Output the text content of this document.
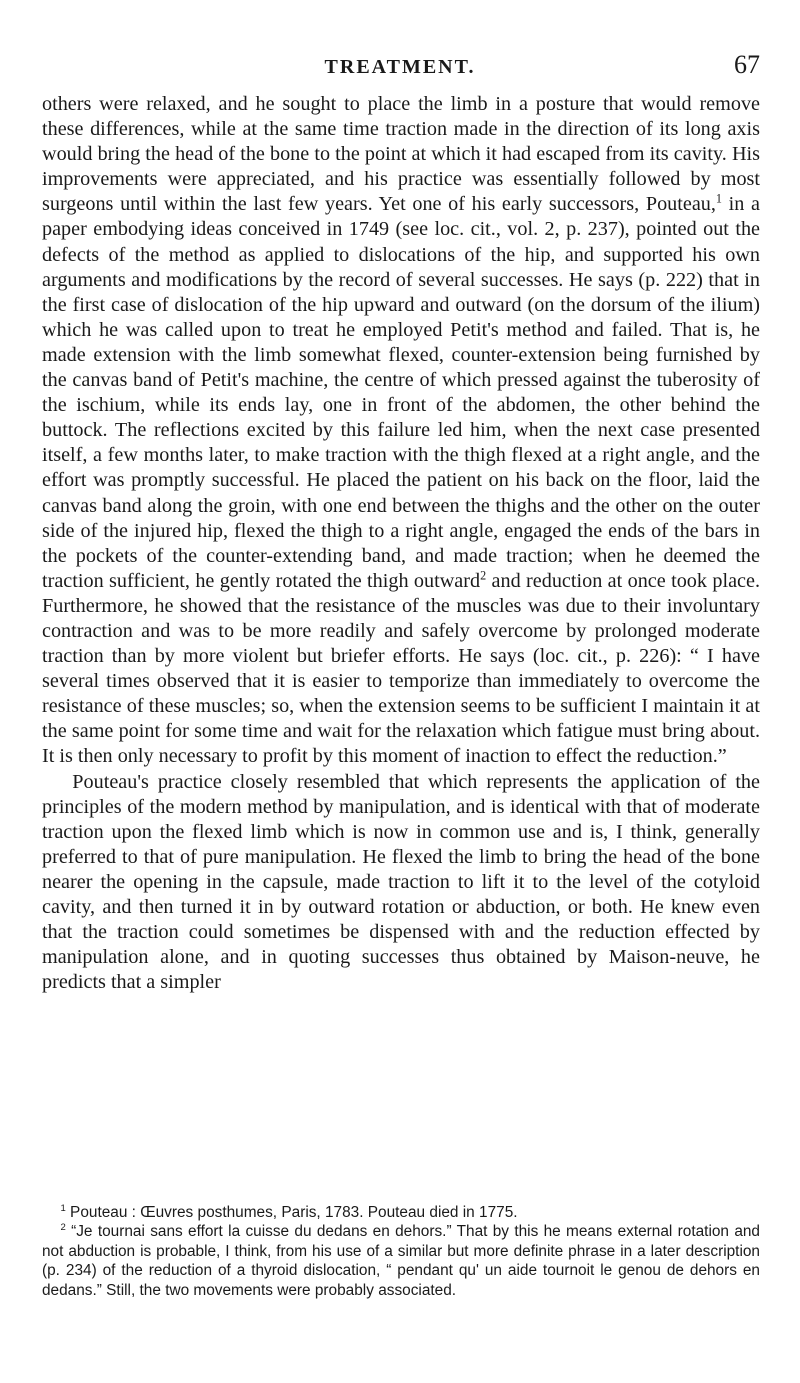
TREATMENT.	67

others were relaxed, and he sought to place the limb in a posture that would remove these differences, while at the same time traction made in the direction of its long axis would bring the head of the bone to the point at which it had escaped from its cavity. His improvements were appreciated, and his practice was essentially followed by most surgeons until within the last few years. Yet one of his early successors, Pouteau,$^1$ in a paper embodying ideas conceived in 1749 (see loc. cit., vol. 2, p. 237), pointed out the defects of the method as applied to dislocations of the hip, and supported his own arguments and modifications by the record of several successes. He says (p. 222) that in the first case of dislocation of the hip upward and outward (on the dorsum of the ilium) which he was called upon to treat he employed Petit's method and failed. That is, he made extension with the limb somewhat flexed, counter-extension being furnished by the canvas band of Petit's machine, the centre of which pressed against the tuberosity of the ischium, while its ends lay, one in front of the abdomen, the other behind the buttock. The reflections excited by this failure led him, when the next case presented itself, a few months later, to make traction with the thigh flexed at a right angle, and the effort was promptly successful. He placed the patient on his back on the floor, laid the canvas band along the groin, with one end between the thighs and the other on the outer side of the injured hip, flexed the thigh to a right angle, engaged the ends of the bars in the pockets of the counter-extending band, and made traction; when he deemed the traction sufficient, he gently rotated the thigh outward$^2$ and reduction at once took place. Furthermore, he showed that the resistance of the muscles was due to their involuntary contraction and was to be more readily and safely overcome by prolonged moderate traction than by more violent but briefer efforts. He says (loc. cit., p. 226): “ I have several times observed that it is easier to temporize than immediately to overcome the resistance of these muscles; so, when the extension seems to be sufficient I maintain it at the same point for some time and wait for the relaxation which fatigue must bring about. It is then only necessary to profit by this moment of inaction to effect the reduction.”

Pouteau's practice closely resembled that which represents the application of the principles of the modern method by manipulation, and is identical with that of moderate traction upon the flexed limb which is now in common use and is, I think, generally preferred to that of pure manipulation. He flexed the limb to bring the head of the bone nearer the opening in the capsule, made traction to lift it to the level of the cotyloid cavity, and then turned it in by outward rotation or abduction, or both. He knew even that the traction could sometimes be dispensed with and the reduction effected by manipulation alone, and in quoting successes thus obtained by Maison-neuve, he predicts that a simpler

$^1$ Pouteau : Œuvres posthumes, Paris, 1783. Pouteau died in 1775.

$^2$ “Je tournai sans effort la cuisse du dedans en dehors.” That by this he means external rotation and not abduction is probable, I think, from his use of a similar but more definite phrase in a later description (p. 234) of the reduction of a thyroid dislocation, “ pendant qu' un aide tournoit le genou de dehors en dedans.” Still, the two movements were probably associated.
